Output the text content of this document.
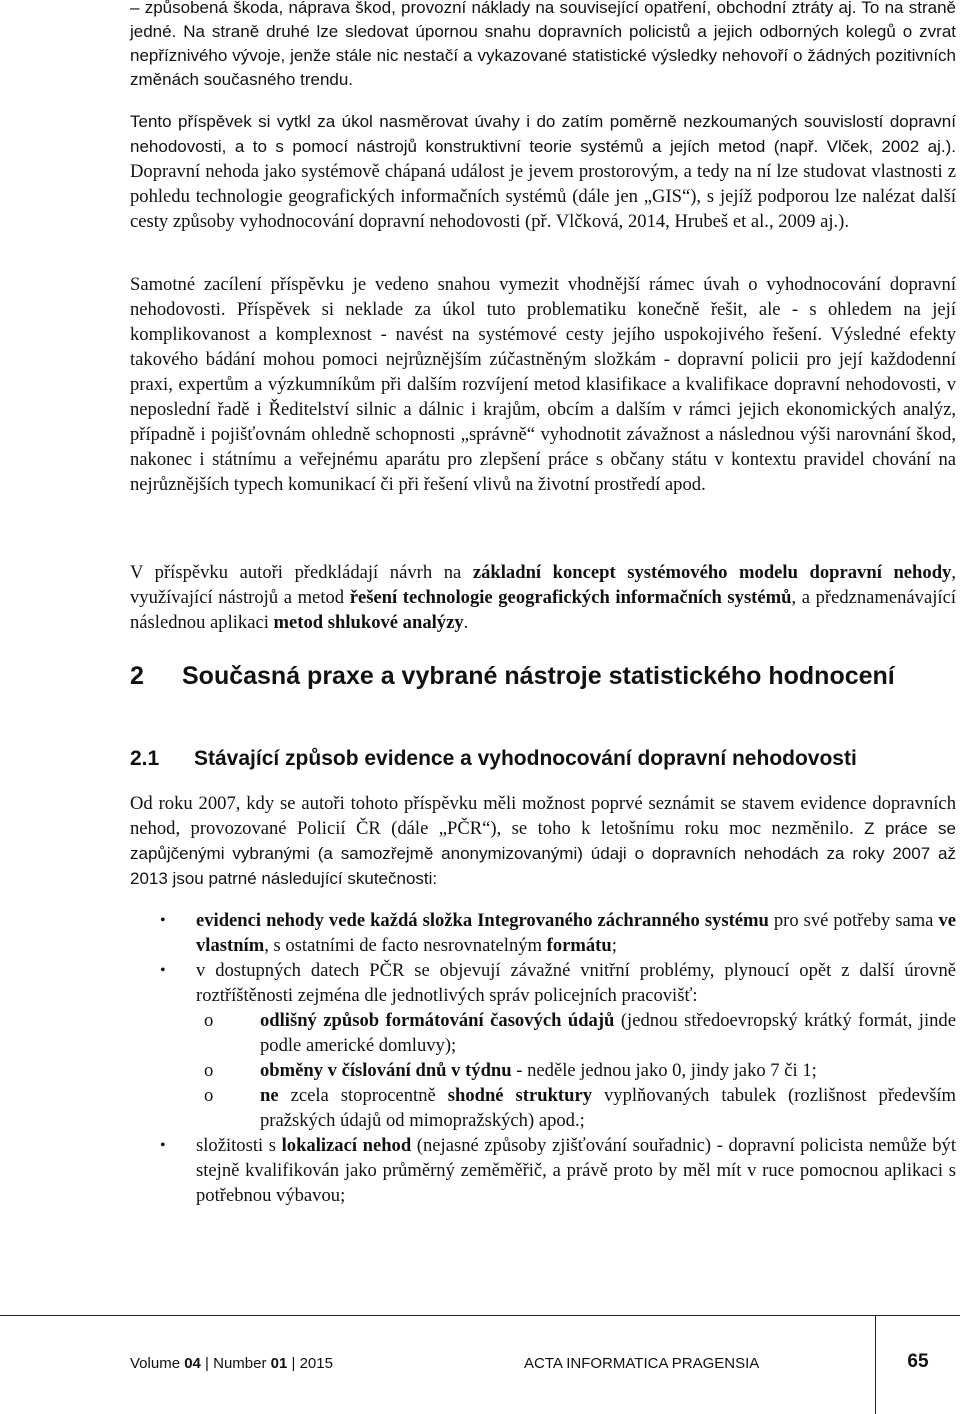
– způsobená škoda, náprava škod, provozní náklady na související opatření, obchodní ztráty aj. To na straně jedné. Na straně druhé lze sledovat úpornou snahu dopravních policistů a jejich odborných kolegů o zvrat nepříznivého vývoje, jenže stále nic nestačí a vykazované statistické výsledky nehovoří o žádných pozitivních změnách současného trendu.

Tento příspěvek si vytkl za úkol nasměrovat úvahy i do zatím poměrně nezkoumaných souvislostí dopravní nehodovosti, a to s pomocí nástrojů konstruktivní teorie systémů a jejích metod (např. Vlček, 2002 aj.). Dopravní nehoda jako systémově chápaná událost je jevem prostorovým, a tedy na ní lze studovat vlastnosti z pohledu technologie geografických informačních systémů (dále jen „GIS“), s jejíž podporou lze nalézat další cesty způsoby vyhodnocování dopravní nehodovosti (př. Vlčková, 2014, Hrubeš et al., 2009 aj.).

Samotné zacílení příspěvku je vedeno snahou vymezit vhodnější rámec úvah o vyhodnocování dopravní nehodovosti. Příspěvek si neklade za úkol tuto problematiku konečně řešit, ale - s ohledem na její komplikovanost a komplexnost - navést na systémové cesty jejího uspokojivého řešení. Výsledné efekty takového bádání mohou pomoci nejrůznějším zúčastněným složkám - dopravní policii pro její každodenní praxi, expertům a výzkumníkům při dalším rozvíjení metod klasifikace a kvalifikace dopravní nehodovosti, v neposlední řadě i Ředitelství silnic a dálnic i krajům, obcím a dalším v rámci jejich ekonomických analýz, případně i pojišťovnám ohledně schopnosti „správně“ vyhodnotit závažnost a následnou výši narovnání škod, nakonec i státnímu a veřejnému aparátu pro zlepšení práce s občany státu v kontextu pravidel chování na nejrůznějších typech komunikací či při řešení vlivů na životní prostředí apod.

V příspěvku autoři předkládají návrh na základní koncept systémového modelu dopravní nehody, využívající nástrojů a metod řešení technologie geografických informačních systémů, a předznamenávající následnou aplikaci metod shlukové analýzy.

2 Současná praxe a vybrané nástroje statistického hodnocení
2.1 Stávající způsob evidence a vyhodnocování dopravní nehodovosti

Od roku 2007, kdy se autoři tohoto příspěvku měli možnost poprvé seznámit se stavem evidence dopravních nehod, provozované Policií ČR (dále „PČR“), se toho k letošnímu roku moc nezměnilo. Z práce se zapůjčenými vybranými (a samozřejmě anonymizovanými) údaji o dopravních nehodách za roky 2007 až 2013 jsou patrné následující skutečnosti:

• evidenci nehody vede každá složka Integrovaného záchranného systému pro své potřeby sama ve vlastním, s ostatními de facto nesrovnatelným formátu;
• v dostupných datech PČR se objevují závažné vnitřní problémy, plynoucí opět z další úrovně roztříštěnosti zejména dle jednotlivých správ policejních pracovišť:
o	odlišný způsob formátování časových údajů (jednou středoevropský krátký formát, jinde podle americké domluvy);
o	obměny v číslování dnů v týdnu - neděle jednou jako 0, jindy jako 7 či 1;
o	ne zcela stoprocentně shodné struktury vyplňovaných tabulek (rozlišnost především pražských údajů od mimopražských) apod.;
• složitosti s lokalizací nehod (nejasné způsoby zjišťování souřadnic) - dopravní policista nemůže být stejně kvalifikován jako průměrný zeměměřič, a právě proto by měl mít v ruce pomocnou aplikaci s potřebnou výbavou;
Volume 04 | Number 01 | 2015	ACTA INFORMATICA PRAGENSIA	65
